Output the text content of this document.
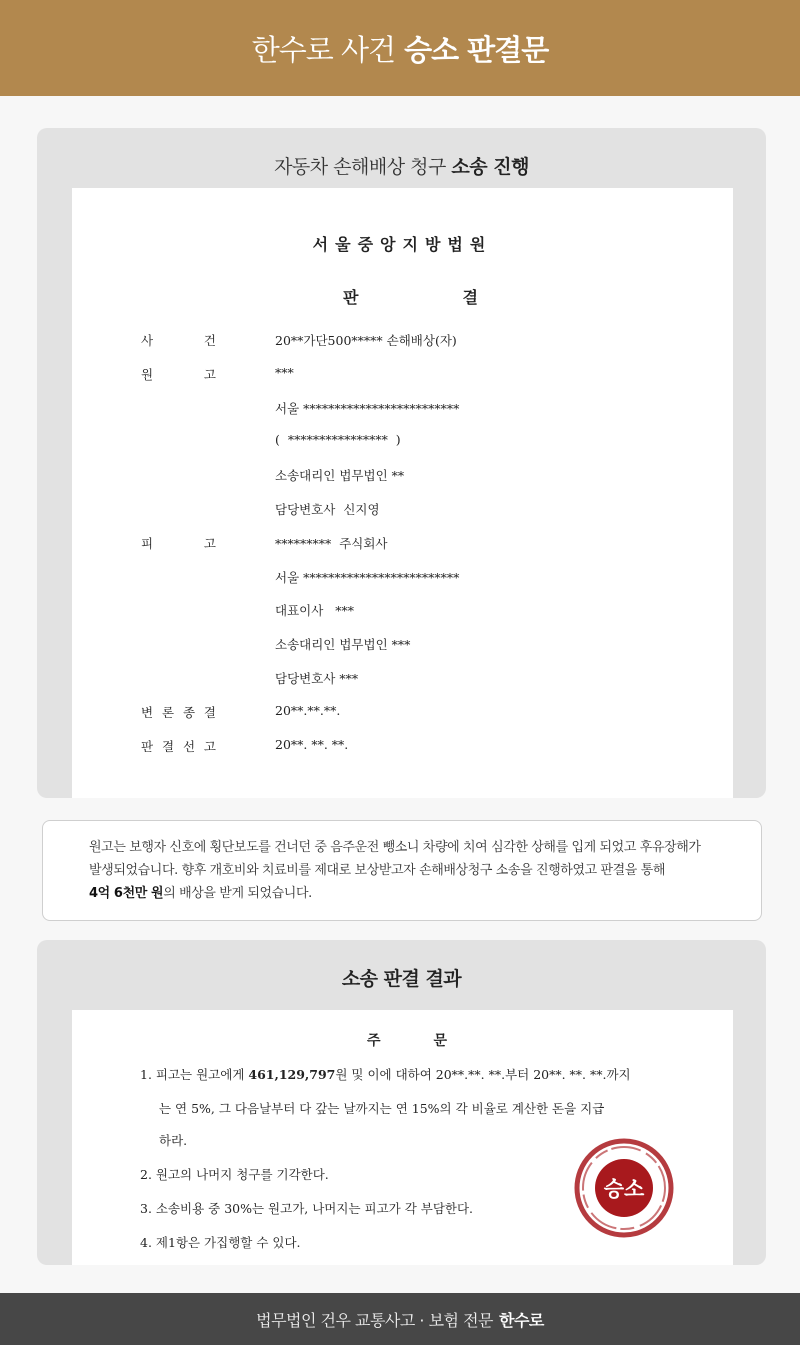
한수로 사건 승소 판결문
자동차 손해배상 청구 소송 진행
서울중앙지방법원
판	결
사	건	20**가단500***** 손해배상(자)
원	고	***
서울 *************************
(  ****************  )
소송대리인 법무법인 **
담당변호사  신지영
피	고	*********  주식회사
서울 *************************
대표이사   ***
소송대리인 법무법인 ***
담당변호사 ***
변 론 종 결	20**.**.**.
판 결 선 고	20**. **. **.
원고는 보행자 신호에 횡단보도를 건너던 중 음주운전 뺑소니 차량에 치여 심각한 상해를 입게 되었고 후유장해가
발생되었습니다. 향후 개호비와 치료비를 제대로 보상받고자 손해배상청구 소송을 진행하였고 판결을 통해
4억 6천만 원의 배상을 받게 되었습니다.
소송 판결 결과
주	문
1. 피고는 원고에게 461,129,797원 및 이에 대하여 20**.**. **.부터 20**. **. **.까지
는 연 5%, 그 다음날부터 다 갚는 날까지는 연 15%의 각 비율로 계산한 돈을 지급
하라.
2. 원고의 나머지 청구를 기각한다.
3. 소송비용 중 30%는 원고가, 나머지는 피고가 각 부담한다.
4. 제1항은 가집행할 수 있다.
승소
법무법인 건우 교통사고 · 보험 전문 한수로
